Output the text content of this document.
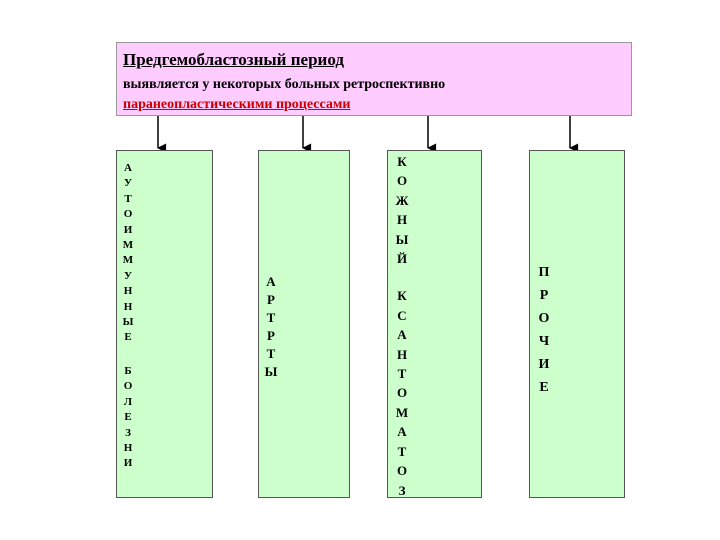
Предгемобластозный период

выявляется у некоторых больных ретроспективно

паранеопластическими процессами

А
У
Т
О
И
М
М
У
Н
Н
Ы
Е
Б
О
Л
Е
З
Н
И
А
Р
Т
Р
Т
Ы
К
О
Ж
Н
Ы
Й
К
С
А
Н
Т
О
М
А
Т
О
З
П
Р
О
Ч
И
Е
